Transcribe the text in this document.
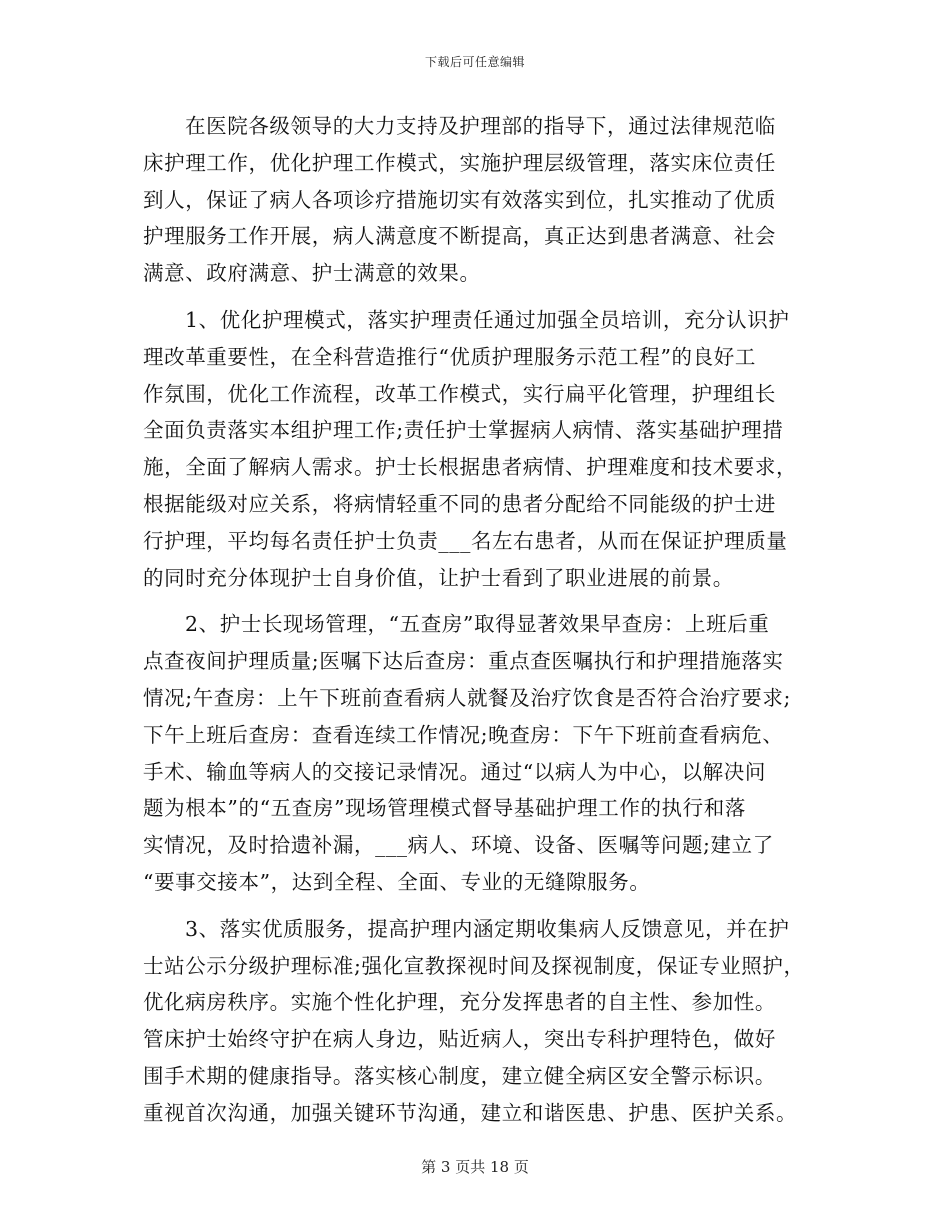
下载后可任意编辑
在医院各级领导的大力支持及护理部的指导下，通过法律规范临
床护理工作，优化护理工作模式，实施护理层级管理，落实床位责任
到人，保证了病人各项诊疗措施切实有效落实到位，扎实推动了优质
护理服务工作开展，病人满意度不断提高，真正达到患者满意、社会
满意、政府满意、护士满意的效果。
1、优化护理模式，落实护理责任通过加强全员培训，充分认识护
理改革重要性，在全科营造推行“优质护理服务示范工程”的良好工
作氛围，优化工作流程，改革工作模式，实行扁平化管理，护理组长
全面负责落实本组护理工作;责任护士掌握病人病情、落实基础护理措
施，全面了解病人需求。护士长根据患者病情、护理难度和技术要求，
根据能级对应关系，将病情轻重不同的患者分配给不同能级的护士进
行护理，平均每名责任护士负责___名左右患者，从而在保证护理质量
的同时充分体现护士自身价值，让护士看到了职业进展的前景。
2、护士长现场管理，“五查房”取得显著效果早查房：上班后重
点查夜间护理质量;医嘱下达后查房：重点查医嘱执行和护理措施落实
情况;午查房：上午下班前查看病人就餐及治疗饮食是否符合治疗要求;
下午上班后查房：查看连续工作情况;晚查房：下午下班前查看病危、
手术、输血等病人的交接记录情况。通过“以病人为中心，以解决问
题为根本”的“五查房”现场管理模式督导基础护理工作的执行和落
实情况，及时拾遗补漏，___病人、环境、设备、医嘱等问题;建立了
“要事交接本”，达到全程、全面、专业的无缝隙服务。
3、落实优质服务，提高护理内涵定期收集病人反馈意见，并在护
士站公示分级护理标准;强化宣教探视时间及探视制度，保证专业照护，
优化病房秩序。实施个性化护理，充分发挥患者的自主性、参加性。
管床护士始终守护在病人身边，贴近病人，突出专科护理特色，做好
围手术期的健康指导。落实核心制度，建立健全病区安全警示标识。
重视首次沟通，加强关键环节沟通，建立和谐医患、护患、医护关系。
第 3 页共 18 页
